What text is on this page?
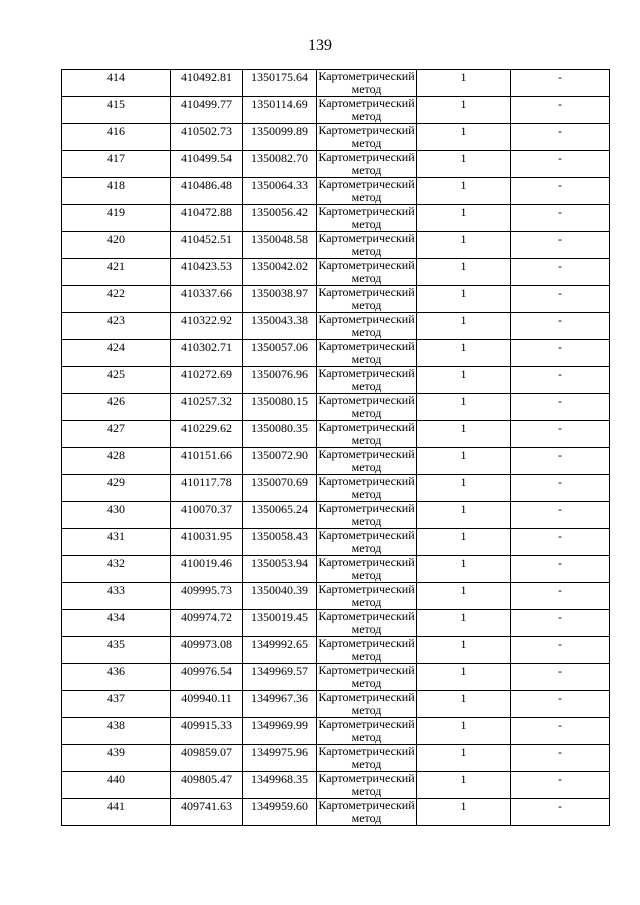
139
414	410492.81	1350175.64	Картометрический метод	1	-
415	410499.77	1350114.69	Картометрический метод	1	-
416	410502.73	1350099.89	Картометрический метод	1	-
417	410499.54	1350082.70	Картометрический метод	1	-
418	410486.48	1350064.33	Картометрический метод	1	-
419	410472.88	1350056.42	Картометрический метод	1	-
420	410452.51	1350048.58	Картометрический метод	1	-
421	410423.53	1350042.02	Картометрический метод	1	-
422	410337.66	1350038.97	Картометрический метод	1	-
423	410322.92	1350043.38	Картометрический метод	1	-
424	410302.71	1350057.06	Картометрический метод	1	-
425	410272.69	1350076.96	Картометрический метод	1	-
426	410257.32	1350080.15	Картометрический метод	1	-
427	410229.62	1350080.35	Картометрический метод	1	-
428	410151.66	1350072.90	Картометрический метод	1	-
429	410117.78	1350070.69	Картометрический метод	1	-
430	410070.37	1350065.24	Картометрический метод	1	-
431	410031.95	1350058.43	Картометрический метод	1	-
432	410019.46	1350053.94	Картометрический метод	1	-
433	409995.73	1350040.39	Картометрический метод	1	-
434	409974.72	1350019.45	Картометрический метод	1	-
435	409973.08	1349992.65	Картометрический метод	1	-
436	409976.54	1349969.57	Картометрический метод	1	-
437	409940.11	1349967.36	Картометрический метод	1	-
438	409915.33	1349969.99	Картометрический метод	1	-
439	409859.07	1349975.96	Картометрический метод	1	-
440	409805.47	1349968.35	Картометрический метод	1	-
441	409741.63	1349959.60	Картометрический метод	1	-
